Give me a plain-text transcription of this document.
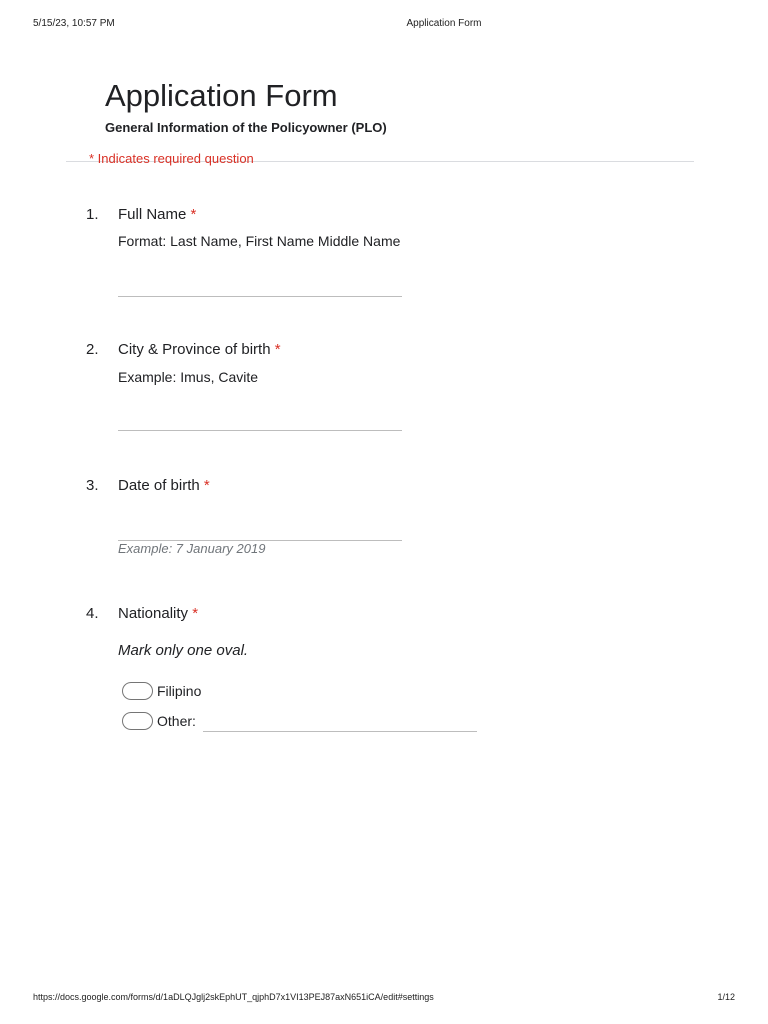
5/15/23, 10:57 PM	Application Form
Application Form
General Information of the Policyowner (PLO)
* Indicates required question
1. Full Name *
Format: Last Name, First Name Middle Name
2. City & Province of birth *
Example: Imus, Cavite
3. Date of birth *
Example: 7 January 2019
4. Nationality *
Mark only one oval.
Filipino
Other:
https://docs.google.com/forms/d/1aDLQJglj2skEphUT_qjphD7x1VI13PEJ87axN651iCA/edit#settings	1/12
